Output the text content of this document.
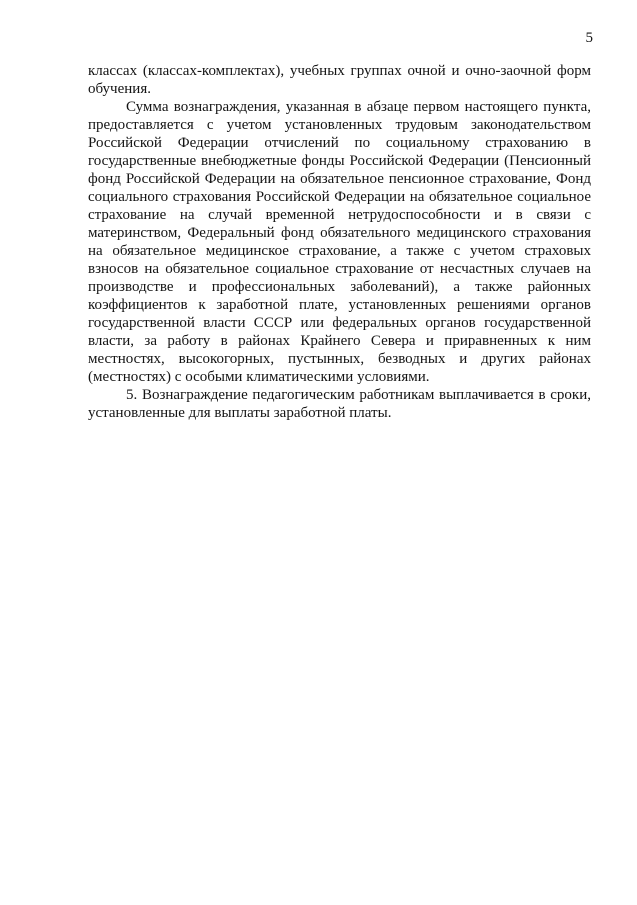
5

классах (классах-комплектах), учебных группах очной и очно-заочной форм обучения.

Сумма вознаграждения, указанная в абзаце первом настоящего пункта, предоставляется с учетом установленных трудовым законодательством Российской Федерации отчислений по социальному страхованию в государственные внебюджетные фонды Российской Федерации (Пенсионный фонд Российской Федерации на обязательное пенсионное страхование, Фонд социального страхования Российской Федерации на обязательное социальное страхование на случай временной нетрудоспособности и в связи с материнством, Федеральный фонд обязательного медицинского страхования на обязательное медицинское страхование, а также с учетом страховых взносов на обязательное социальное страхование от несчастных случаев на производстве и профессиональных заболеваний), а также районных коэффициентов к заработной плате, установленных решениями органов государственной власти СССР или федеральных органов государственной власти, за работу в районах Крайнего Севера и приравненных к ним местностях, высокогорных, пустынных, безводных и других районах (местностях) с особыми климатическими условиями.

5. Вознаграждение педагогическим работникам выплачивается в сроки, установленные для выплаты заработной платы.
